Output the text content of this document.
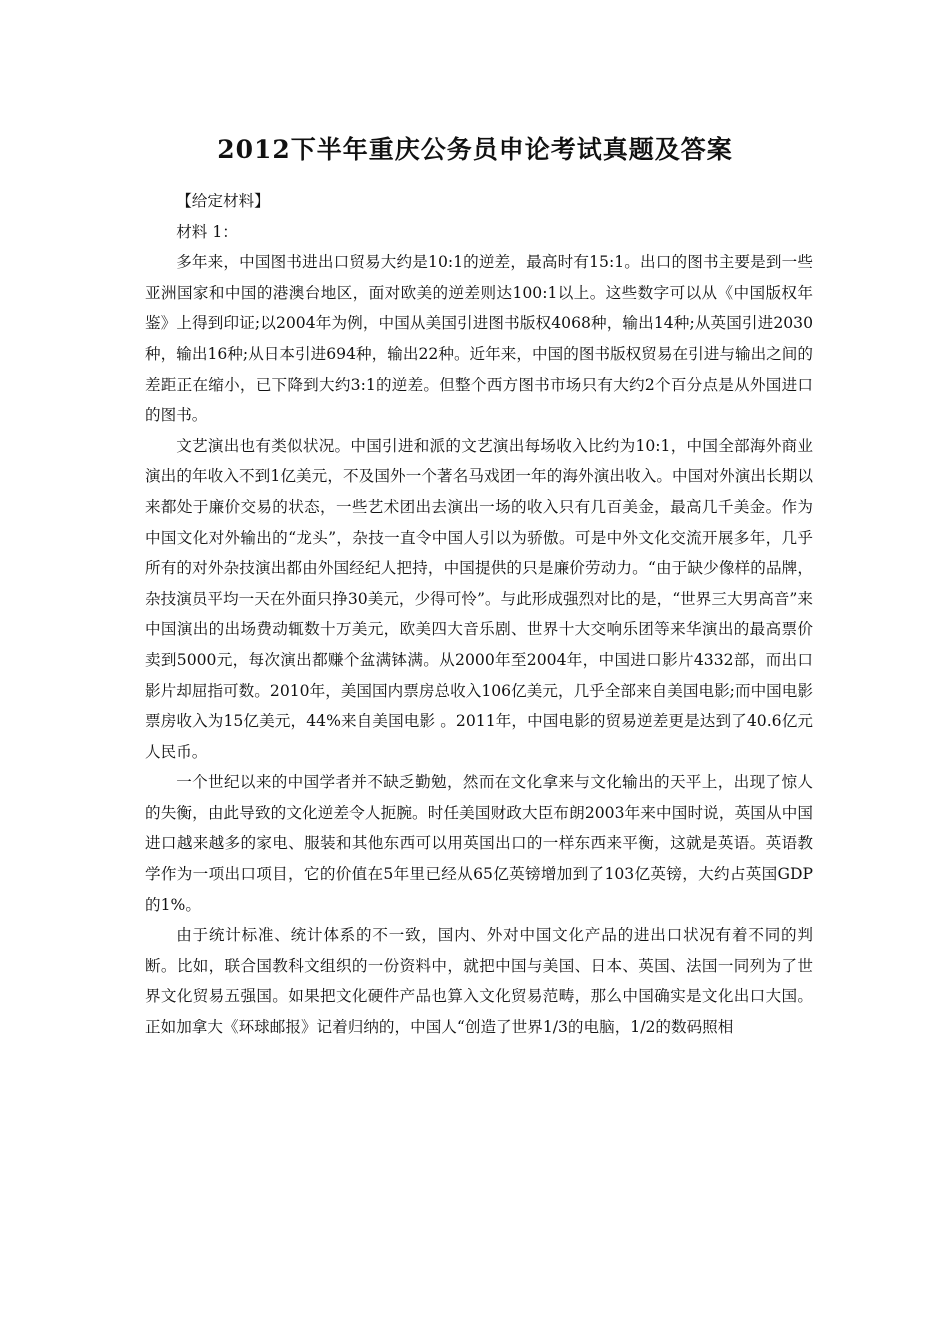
2012下半年重庆公务员申论考试真题及答案

【给定材料】

材料 1：

多年来，中国图书进出口贸易大约是10:1的逆差，最高时有15:1。出口的图书主要是到一些亚洲国家和中国的港澳台地区，面对欧美的逆差则达100:1以上。这些数字可以从《中国版权年鉴》上得到印证;以2004年为例，中国从美国引进图书版权4068种，输出14种;从英国引进2030种，输出16种;从日本引进694种，输出22种。近年来，中国的图书版权贸易在引进与输出之间的差距正在缩小，已下降到大约3:1的逆差。但整个西方图书市场只有大约2个百分点是从外国进口的图书。

文艺演出也有类似状况。中国引进和派的文艺演出每场收入比约为10:1，中国全部海外商业演出的年收入不到1亿美元，不及国外一个著名马戏团一年的海外演出收入。中国对外演出长期以来都处于廉价交易的状态，一些艺术团出去演出一场的收入只有几百美金，最高几千美金。作为中国文化对外输出的“龙头”，杂技一直令中国人引以为骄傲。可是中外文化交流开展多年，几乎所有的对外杂技演出都由外国经纪人把持，中国提供的只是廉价劳动力。“由于缺少像样的品牌，杂技演员平均一天在外面只挣30美元，少得可怜”。与此形成强烈对比的是，“世界三大男高音”来中国演出的出场费动辄数十万美元，欧美四大音乐剧、世界十大交响乐团等来华演出的最高票价卖到5000元，每次演出都赚个盆满钵满。从2000年至2004年，中国进口影片4332部，而出口影片却屈指可数。2010年，美国国内票房总收入106亿美元，几乎全部来自美国电影;而中国电影票房收入为15亿美元，44%来自美国电影 。2011年，中国电影的贸易逆差更是达到了40.6亿元人民币。

一个世纪以来的中国学者并不缺乏勤勉，然而在文化拿来与文化输出的天平上，出现了惊人的失衡，由此导致的文化逆差令人扼腕。时任美国财政大臣布朗2003年来中国时说，英国从中国进口越来越多的家电、服装和其他东西可以用英国出口的一样东西来平衡，这就是英语。英语教学作为一项出口项目，它的价值在5年里已经从65亿英镑增加到了103亿英镑，大约占英国GDP的1%。

由于统计标准、统计体系的不一致，国内、外对中国文化产品的进出口状况有着不同的判断。比如，联合国教科文组织的一份资料中，就把中国与美国、日本、英国、法国一同列为了世界文化贸易五强国。如果把文化硬件产品也算入文化贸易范畴，那么中国确实是文化出口大国。正如加拿大《环球邮报》记着归纳的，中国人“创造了世界1/3的电脑，1/2的数码照相
